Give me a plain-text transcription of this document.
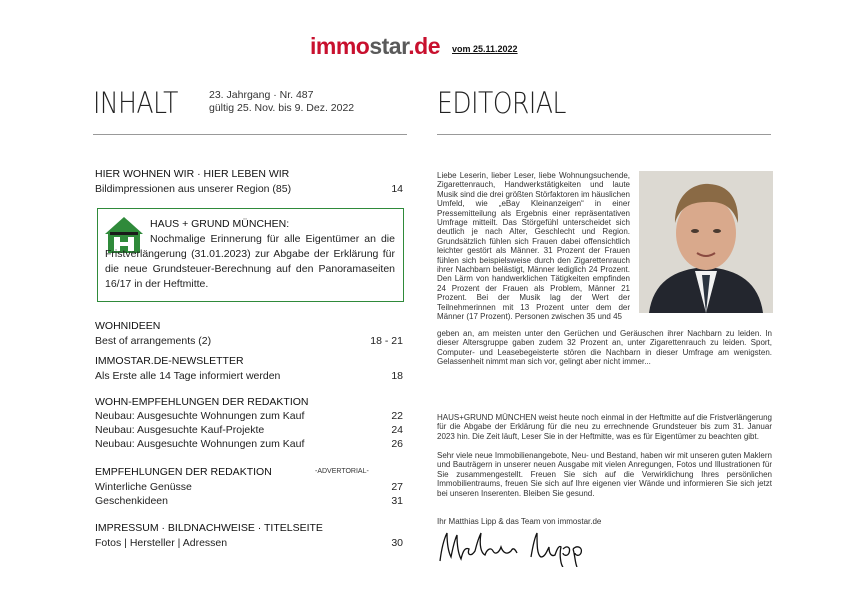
immostar.de vom 25.11.2022
INHALT	23. Jahrgang · Nr. 487
gültig 25. Nov. bis 9. Dez. 2022	EDITORIAL
HIER WOHNEN WIR · HIER LEBEN WIR
Bildimpressionen aus unserer Region (85)	14
HAUS + GRUND MÜNCHEN:
Nochmalige Erinnerung für alle Eigentümer an die Fristverlängerung (31.01.2023) zur Abgabe der Erklärung für die neue Grundsteuer-Berechnung auf den Panoramaseiten 16/17 in der Heftmitte.
WOHNIDEEN
Best of arrangements (2)	18 - 21
IMMOSTAR.DE-NEWSLETTER
Als Erste alle 14 Tage informiert werden	18
WOHN-EMPFEHLUNGEN DER REDAKTION
Neubau: Ausgesuchte Wohnungen zum Kauf	22
Neubau: Ausgesuchte Kauf-Projekte	24
Neubau: Ausgesuchte Wohnungen zum Kauf	26
EMPFEHLUNGEN DER REDAKTION	-ADVERTORIAL-
Winterliche Genüsse	27
Geschenkideen	31
IMPRESSUM · BILDNACHWEISE · TITELSEITE
Fotos | Hersteller | Adressen	30
Liebe Leserin, lieber Leser, liebe Wohnungsuchende, Zigarettenrauch, Handwerkstätigkeiten und laute Musik sind die drei größten Störfaktoren im häuslichen Umfeld, wie „eBay Kleinanzeigen“ in einer Pressemitteilung als Ergebnis einer repräsentativen Umfrage mitteilt. Das Störgefühl unterscheidet sich deutlich je nach Alter, Geschlecht und Region. Grundsätzlich fühlen sich Frauen dabei offensichtlich leichter gestört als Männer. 31 Prozent der Frauen fühlen sich beispielsweise durch den Zigarettenrauch ihrer Nachbarn belästigt, Männer lediglich 24 Prozent. Den Lärm von handwerklichen Tätigkeiten empfinden 24 Prozent der Frauen als Problem, Männer 21 Prozent. Bei der Musik lag der Wert der Teilnehmerinnen mit 13 Prozent unter dem der Männer (17 Prozent). Personen zwischen 35 und 45
geben an, am meisten unter den Gerüchen und Geräuschen ihrer Nachbarn zu leiden. In dieser Altersgruppe gaben zudem 32 Prozent an, unter Zigarettenrauch zu leiden. Sport, Computer- und Leasebegeisterte stören die Nachbarn in dieser Umfrage am wenigsten. Gelassenheit nimmt man sich vor, gelingt aber nicht immer...
HAUS+GRUND MÜNCHEN weist heute noch einmal in der Heftmitte auf die Fristverlängerung für die Abgabe der Erklärung für die neu zu errechnende Grundsteuer bis zum 31. Januar 2023 hin. Die Zeit läuft, Leser Sie in der Heftmitte, was es für Eigentümer zu beachten gibt.
Sehr viele neue Immobilienangebote, Neu- und Bestand, haben wir mit unseren guten Maklern und Bauträgern in unserer neuen Ausgabe mit vielen Anregungen, Fotos und Illustrationen für Sie zusammengestellt. Freuen Sie sich auf die Verwirklichung Ihres persönlichen Immobilientraums, freuen Sie sich auf Ihre eigenen vier Wände und informieren Sie sich jetzt bei unseren Inserenten. Bleiben Sie gesund.
Ihr Matthias Lipp & das Team von immostar.de
